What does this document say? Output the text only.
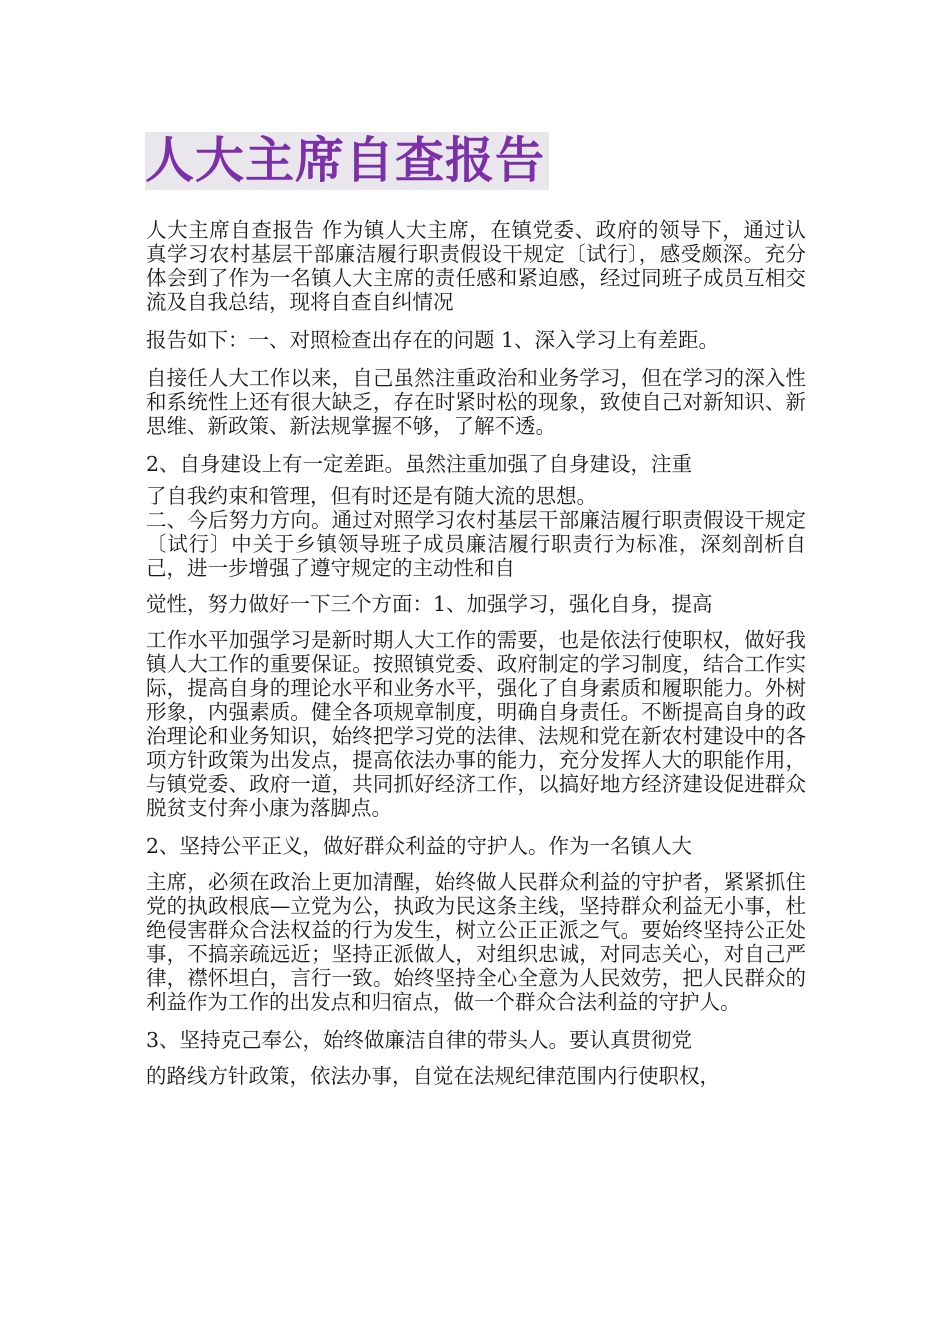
人大主席自查报告

人大主席自查报告 作为镇人大主席，在镇党委、政府的领导下，通过认真学习农村基层干部廉洁履行职责假设干规定〔试行〕，感受颇深。充分体会到了作为一名镇人大主席的责任感和紧迫感，经过同班子成员互相交流及自我总结，现将自查自纠情况

报告如下：一、对照检查出存在的问题 1、深入学习上有差距。

自接任人大工作以来，自己虽然注重政治和业务学习，但在学习的深入性和系统性上还有很大缺乏，存在时紧时松的现象，致使自己对新知识、新思维、新政策、新法规掌握不够，了解不透。

2、自身建设上有一定差距。虽然注重加强了自身建设，注重

了自我约束和管理，但有时还是有随大流的思想。

二、今后努力方向。通过对照学习农村基层干部廉洁履行职责假设干规定〔试行〕中关于乡镇领导班子成员廉洁履行职责行为标准，深刻剖析自己，进一步增强了遵守规定的主动性和自

觉性，努力做好一下三个方面：1、加强学习，强化自身，提高

工作水平加强学习是新时期人大工作的需要，也是依法行使职权，做好我镇人大工作的重要保证。按照镇党委、政府制定的学习制度，结合工作实际，提高自身的理论水平和业务水平，强化了自身素质和履职能力。外树形象，内强素质。健全各项规章制度，明确自身责任。不断提高自身的政治理论和业务知识，始终把学习党的法律、法规和党在新农村建设中的各项方针政策为出发点，提高依法办事的能力，充分发挥人大的职能作用，与镇党委、政府一道，共同抓好经济工作，以搞好地方经济建设促进群众脱贫支付奔小康为落脚点。

2、坚持公平正义，做好群众利益的守护人。作为一名镇人大

主席，必须在政治上更加清醒，始终做人民群众利益的守护者，紧紧抓住党的执政根底—立党为公，执政为民这条主线，坚持群众利益无小事，杜绝侵害群众合法权益的行为发生，树立公正正派之气。要始终坚持公正处事，不搞亲疏远近；坚持正派做人，对组织忠诚，对同志关心，对自己严律，襟怀坦白，言行一致。始终坚持全心全意为人民效劳，把人民群众的利益作为工作的出发点和归宿点，做一个群众合法利益的守护人。

3、坚持克己奉公，始终做廉洁自律的带头人。要认真贯彻党

的路线方针政策，依法办事，自觉在法规纪律范围内行使职权，
